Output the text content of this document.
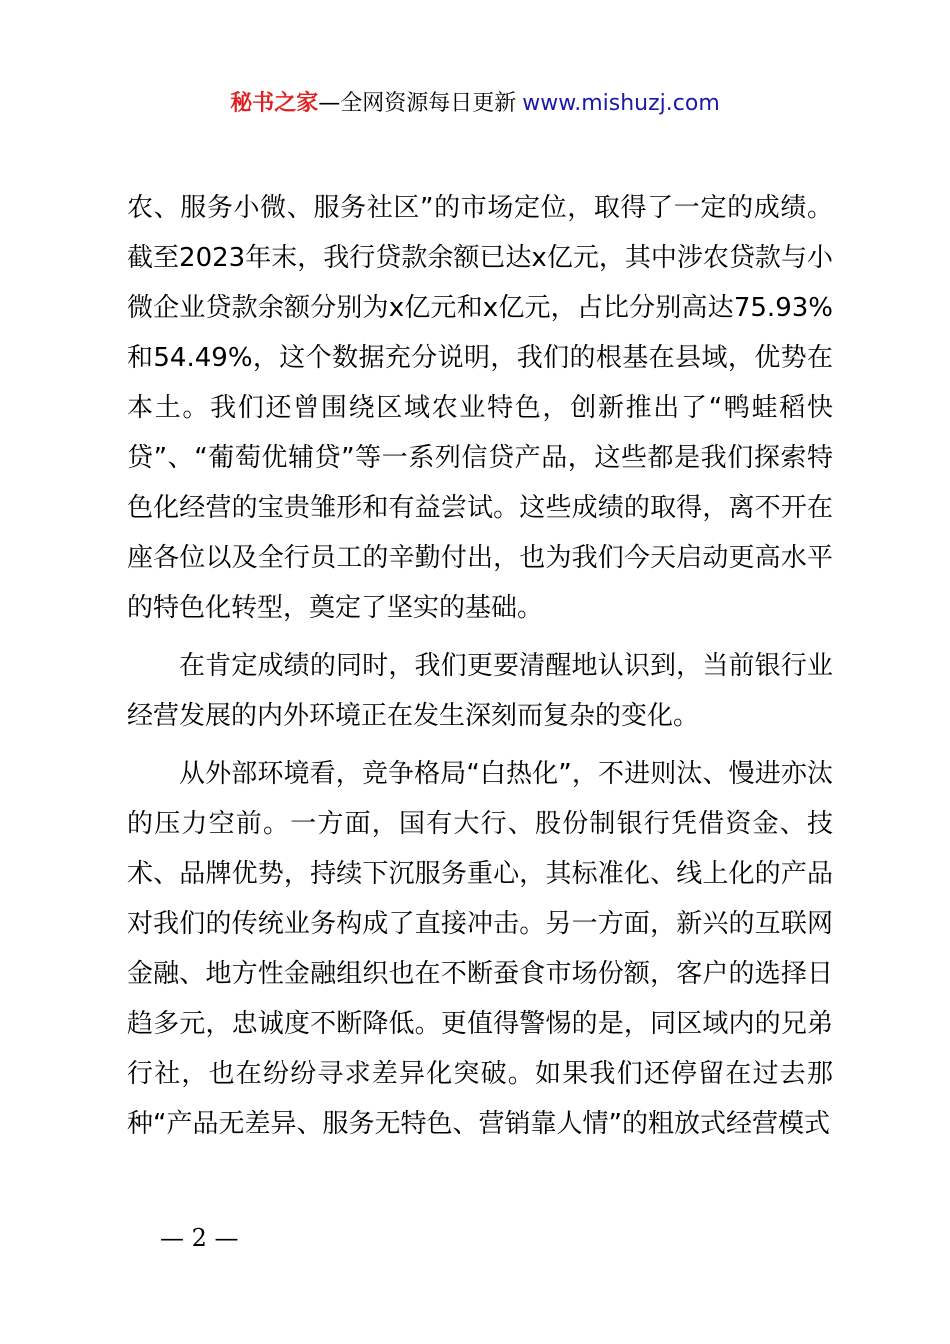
秘书之家—全网资源每日更新 www.mishuzj.com

农、服务小微、服务社区”的市场定位，取得了一定的成绩。截至2023年末，我行贷款余额已达x亿元，其中涉农贷款与小微企业贷款余额分别为x亿元和x亿元，占比分别高达75.93%和54.49%，这个数据充分说明，我们的根基在县域，优势在本土。我们还曾围绕区域农业特色，创新推出了“鸭蛙稻快贷”、“葡萄优辅贷”等一系列信贷产品，这些都是我们探索特色化经营的宝贵雏形和有益尝试。这些成绩的取得，离不开在座各位以及全行员工的辛勤付出，也为我们今天启动更高水平的特色化转型，奠定了坚实的基础。

在肯定成绩的同时，我们更要清醒地认识到，当前银行业经营发展的内外环境正在发生深刻而复杂的变化。

从外部环境看，竞争格局“白热化”，不进则汰、慢进亦汰的压力空前。一方面，国有大行、股份制银行凭借资金、技术、品牌优势，持续下沉服务重心，其标准化、线上化的产品对我们的传统业务构成了直接冲击。另一方面，新兴的互联网金融、地方性金融组织也在不断蚕食市场份额，客户的选择日趋多元，忠诚度不断降低。更值得警惕的是，同区域内的兄弟行社，也在纷纷寻求差异化突破。如果我们还停留在过去那种“产品无差异、服务无特色、营销靠人情”的粗放式经营模式

— 2 —
